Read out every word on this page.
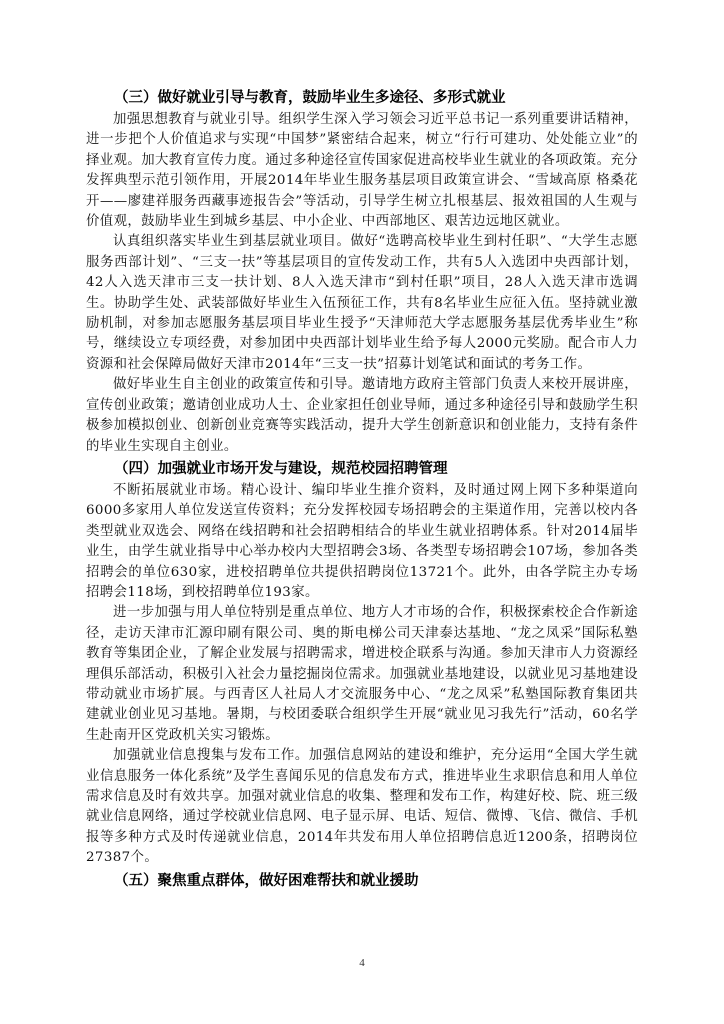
（三）做好就业引导与教育，鼓励毕业生多途径、多形式就业

加强思想教育与就业引导。组织学生深入学习领会习近平总书记一系列重要讲话精神，进一步把个人价值追求与实现“中国梦”紧密结合起来，树立“行行可建功、处处能立业”的择业观。加大教育宣传力度。通过多种途径宣传国家促进高校毕业生就业的各项政策。充分发挥典型示范引领作用，开展2014年毕业生服务基层项目政策宣讲会、“雪域高原 格桑花开——廖建祥服务西藏事迹报告会”等活动，引导学生树立扎根基层、报效祖国的人生观与价值观，鼓励毕业生到城乡基层、中小企业、中西部地区、艰苦边远地区就业。

认真组织落实毕业生到基层就业项目。做好“选聘高校毕业生到村任职”、“大学生志愿服务西部计划”、“三支一扶”等基层项目的宣传发动工作，共有5人入选团中央西部计划，42人入选天津市三支一扶计划、8人入选天津市“到村任职”项目，28人入选天津市选调生。协助学生处、武装部做好毕业生入伍预征工作，共有8名毕业生应征入伍。坚持就业激励机制，对参加志愿服务基层项目毕业生授予“天津师范大学志愿服务基层优秀毕业生”称号，继续设立专项经费，对参加团中央西部计划毕业生给予每人2000元奖励。配合市人力资源和社会保障局做好天津市2014年“三支一扶”招募计划笔试和面试的考务工作。

做好毕业生自主创业的政策宣传和引导。邀请地方政府主管部门负责人来校开展讲座，宣传创业政策；邀请创业成功人士、企业家担任创业导师，通过多种途径引导和鼓励学生积极参加模拟创业、创新创业竞赛等实践活动，提升大学生创新意识和创业能力，支持有条件的毕业生实现自主创业。

（四）加强就业市场开发与建设，规范校园招聘管理

不断拓展就业市场。精心设计、编印毕业生推介资料，及时通过网上网下多种渠道向6000多家用人单位发送宣传资料；充分发挥校园专场招聘会的主渠道作用，完善以校内各类型就业双选会、网络在线招聘和社会招聘相结合的毕业生就业招聘体系。针对2014届毕业生，由学生就业指导中心举办校内大型招聘会3场、各类型专场招聘会107场，参加各类招聘会的单位630家，进校招聘单位共提供招聘岗位13721个。此外，由各学院主办专场招聘会118场，到校招聘单位193家。

进一步加强与用人单位特别是重点单位、地方人才市场的合作，积极探索校企合作新途径，走访天津市汇源印刷有限公司、奥的斯电梯公司天津泰达基地、“龙之凤采”国际私塾教育等集团企业，了解企业发展与招聘需求，增进校企联系与沟通。参加天津市人力资源经理俱乐部活动，积极引入社会力量挖掘岗位需求。加强就业基地建设，以就业见习基地建设带动就业市场扩展。与西青区人社局人才交流服务中心、“龙之凤采”私塾国际教育集团共建就业创业见习基地。暑期，与校团委联合组织学生开展“就业见习我先行”活动，60名学生赴南开区党政机关实习锻炼。

加强就业信息搜集与发布工作。加强信息网站的建设和维护，充分运用“全国大学生就业信息服务一体化系统”及学生喜闻乐见的信息发布方式，推进毕业生求职信息和用人单位需求信息及时有效共享。加强对就业信息的收集、整理和发布工作，构建好校、院、班三级就业信息网络，通过学校就业信息网、电子显示屏、电话、短信、微博、飞信、微信、手机报等多种方式及时传递就业信息，2014年共发布用人单位招聘信息近1200条，招聘岗位27387个。

（五）聚焦重点群体，做好困难帮扶和就业援助
4
